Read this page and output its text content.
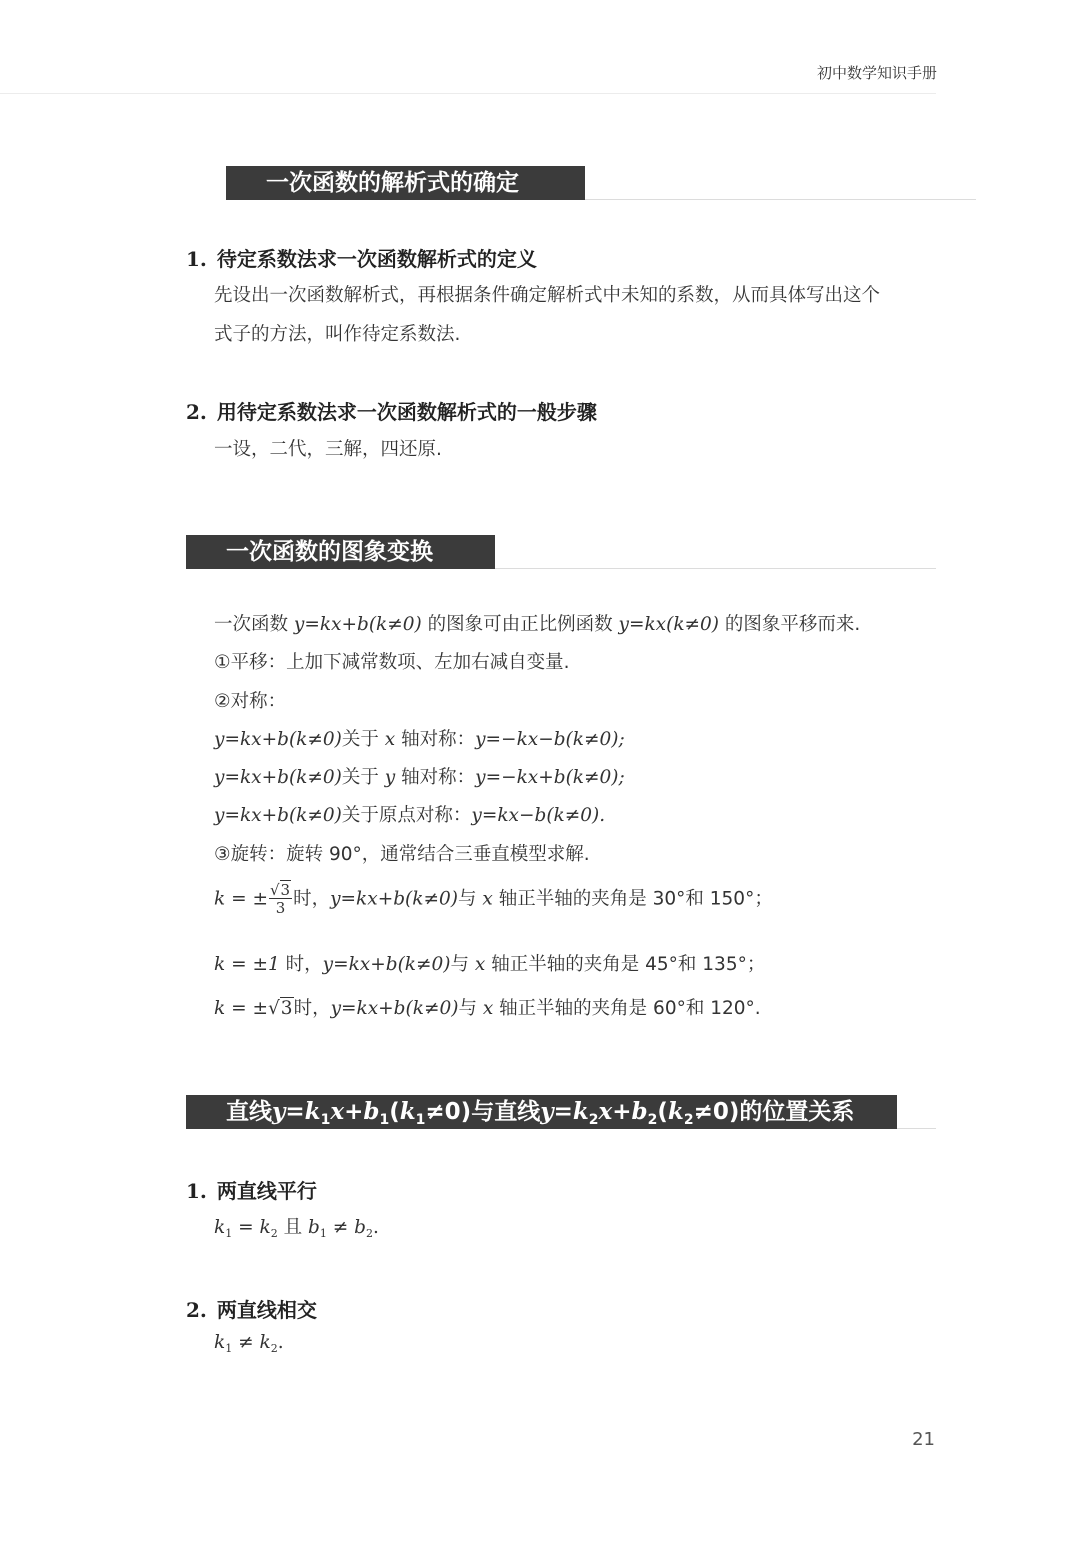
初中数学知识手册
一次函数的解析式的确定
1. 待定系数法求一次函数解析式的定义
先设出一次函数解析式，再根据条件确定解析式中未知的系数，从而具体写出这个
式子的方法，叫作待定系数法.
2. 用待定系数法求一次函数解析式的一般步骤
一设，二代，三解，四还原.
一次函数的图象变换
一次函数 y=kx+b(k≠0) 的图象可由正比例函数 y=kx(k≠0) 的图象平移而来.
①平移：上加下减常数项、左加右减自变量.
②对称：
y=kx+b(k≠0)关于 x 轴对称：y=−kx−b(k≠0);
y=kx+b(k≠0)关于 y 轴对称：y=−kx+b(k≠0);
y=kx+b(k≠0)关于原点对称：y=kx−b(k≠0).
③旋转：旋转 90°，通常结合三垂直模型求解.
k = ± $\frac{√3}{3}$ 时，y=kx+b(k≠0)与 x 轴正半轴的夹角是 30°和 150°；
k = ±1 时，y=kx+b(k≠0)与 x 轴正半轴的夹角是 45°和 135°；
k = ±√3时，y=kx+b(k≠0)与 x 轴正半轴的夹角是 60°和 120°.
直线$y=k_1x+b_1(k_1\ne 0)$与直线$y=k_2x+b_2(k_2\ne 0)$的位置关系
1. 两直线平行
$k_1 = k_2$ 且 $b_1 \ne b_2$.
2. 两直线相交
$k_1 \ne k_2$.
21
